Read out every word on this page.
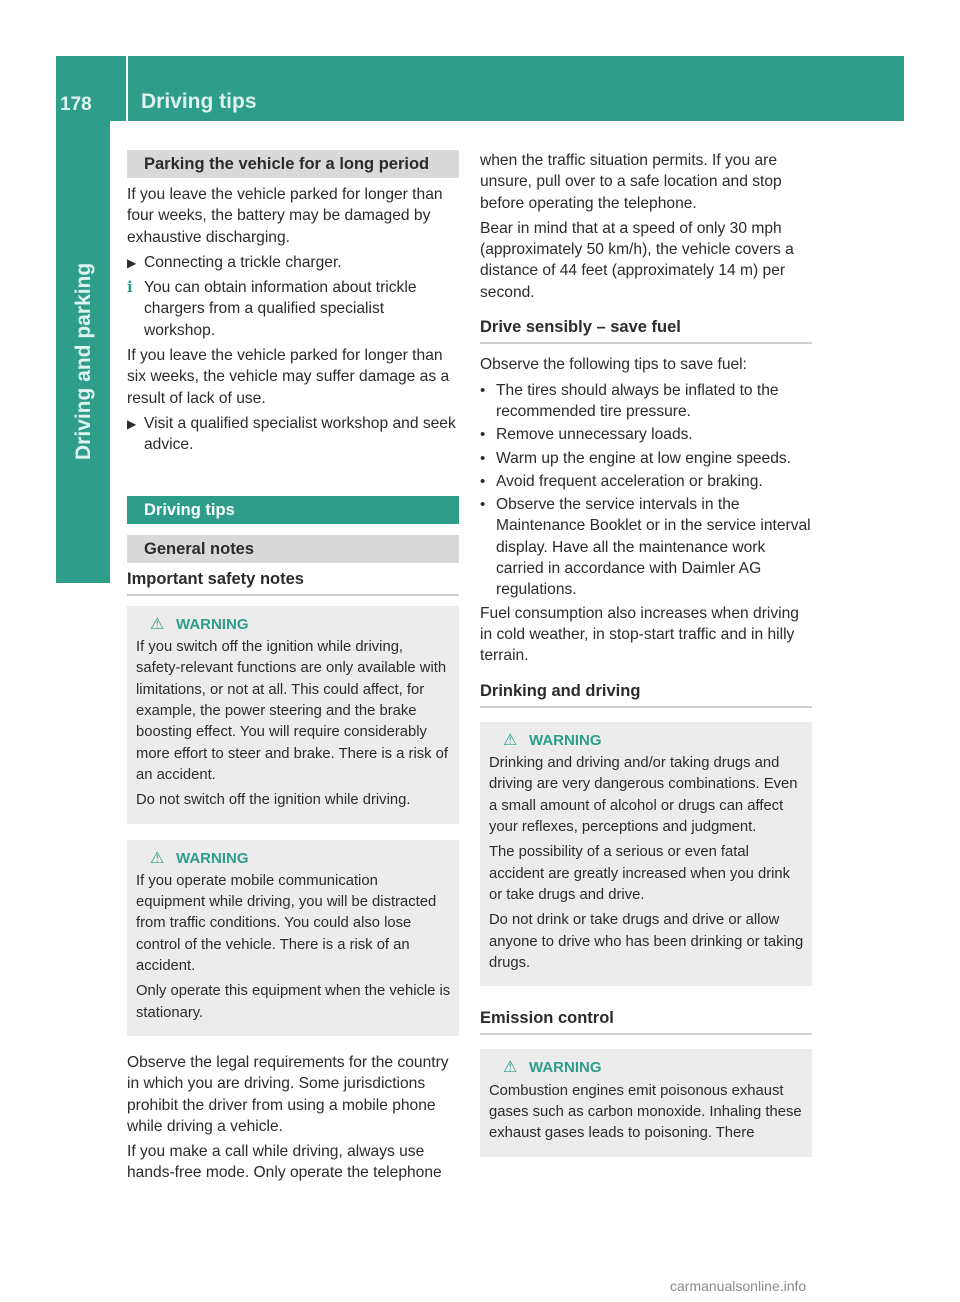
178	Driving tips
Driving and parking
Parking the vehicle for a long period

If you leave the vehicle parked for longer than four weeks, the battery may be damaged by exhaustive discharging.

▶ Connecting a trickle charger.
i You can obtain information about trickle chargers from a qualified specialist workshop.

If you leave the vehicle parked for longer than six weeks, the vehicle may suffer damage as a result of lack of use.

▶ Visit a qualified specialist workshop and seek advice.
Driving tips
General notes
Important safety notes
⚠ WARNING

If you switch off the ignition while driving, safety-relevant functions are only available with limitations, or not at all. This could affect, for example, the power steering and the brake boosting effect. You will require considerably more effort to steer and brake. There is a risk of an accident.

Do not switch off the ignition while driving.

⚠ WARNING

If you operate mobile communication equipment while driving, you will be distracted from traffic conditions. You could also lose control of the vehicle. There is a risk of an accident.

Only operate this equipment when the vehicle is stationary.

Observe the legal requirements for the country in which you are driving. Some jurisdictions prohibit the driver from using a mobile phone while driving a vehicle.

If you make a call while driving, always use hands-free mode. Only operate the telephone

when the traffic situation permits. If you are unsure, pull over to a safe location and stop before operating the telephone.

Bear in mind that at a speed of only 30 mph (approximately 50 km/h), the vehicle covers a distance of 44 feet (approximately 14 m) per second.

Drive sensibly – save fuel

Observe the following tips to save fuel:

• The tires should always be inflated to the recommended tire pressure.
• Remove unnecessary loads.
• Warm up the engine at low engine speeds.
• Avoid frequent acceleration or braking.
• Observe the service intervals in the Maintenance Booklet or in the service interval display. Have all the maintenance work carried in accordance with Daimler AG regulations.

Fuel consumption also increases when driving in cold weather, in stop-start traffic and in hilly terrain.

Drinking and driving
⚠ WARNING

Drinking and driving and/or taking drugs and driving are very dangerous combinations. Even a small amount of alcohol or drugs can affect your reflexes, perceptions and judgment.

The possibility of a serious or even fatal accident are greatly increased when you drink or take drugs and drive.

Do not drink or take drugs and drive or allow anyone to drive who has been drinking or taking drugs.

Emission control
⚠ WARNING

Combustion engines emit poisonous exhaust gases such as carbon monoxide. Inhaling these exhaust gases leads to poisoning. There

carmanualsonline.info
